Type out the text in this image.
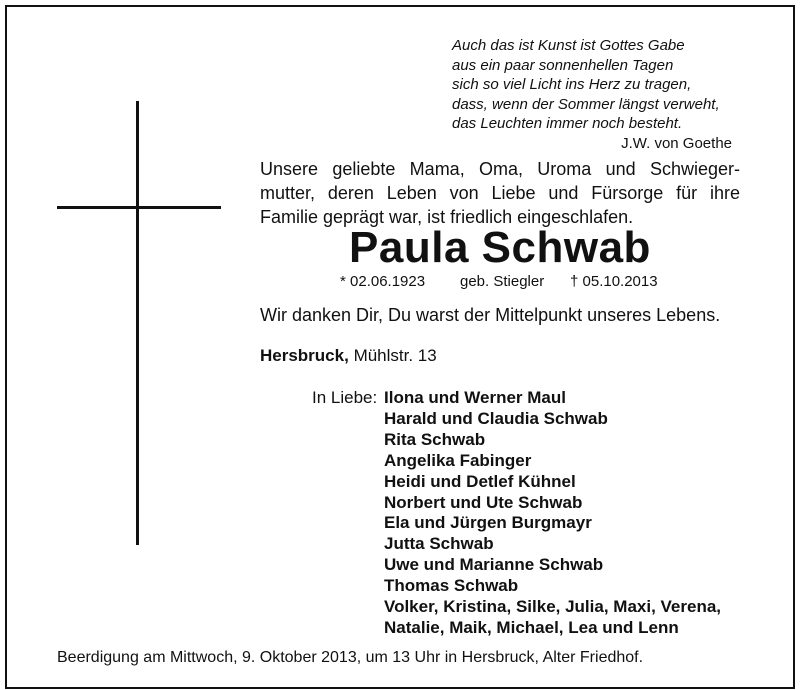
Auch das ist Kunst ist Gottes Gabe
aus ein paar sonnenhellen Tagen
sich so viel Licht ins Herz zu tragen,
dass, wenn der Sommer längst verweht,
das Leuchten immer noch besteht.
J.W. von Goethe
Unsere geliebte Mama, Oma, Uroma und Schwieger-
mutter, deren Leben von Liebe und Fürsorge für ihre
Familie geprägt war, ist friedlich eingeschlafen.
Paula Schwab
* 02.06.1923 geb. Stiegler † 05.10.2013
Wir danken Dir, Du warst der Mittelpunkt unseres Lebens.
Hersbruck, Mühlstr. 13
In Liebe: Ilona und Werner Maul
Harald und Claudia Schwab
Rita Schwab
Angelika Fabinger
Heidi und Detlef Kühnel
Norbert und Ute Schwab
Ela und Jürgen Burgmayr
Jutta Schwab
Uwe und Marianne Schwab
Thomas Schwab
Volker, Kristina, Silke, Julia, Maxi, Verena,
Natalie, Maik, Michael, Lea und Lenn
Beerdigung am Mittwoch, 9. Oktober 2013, um 13 Uhr in Hersbruck, Alter Friedhof.
